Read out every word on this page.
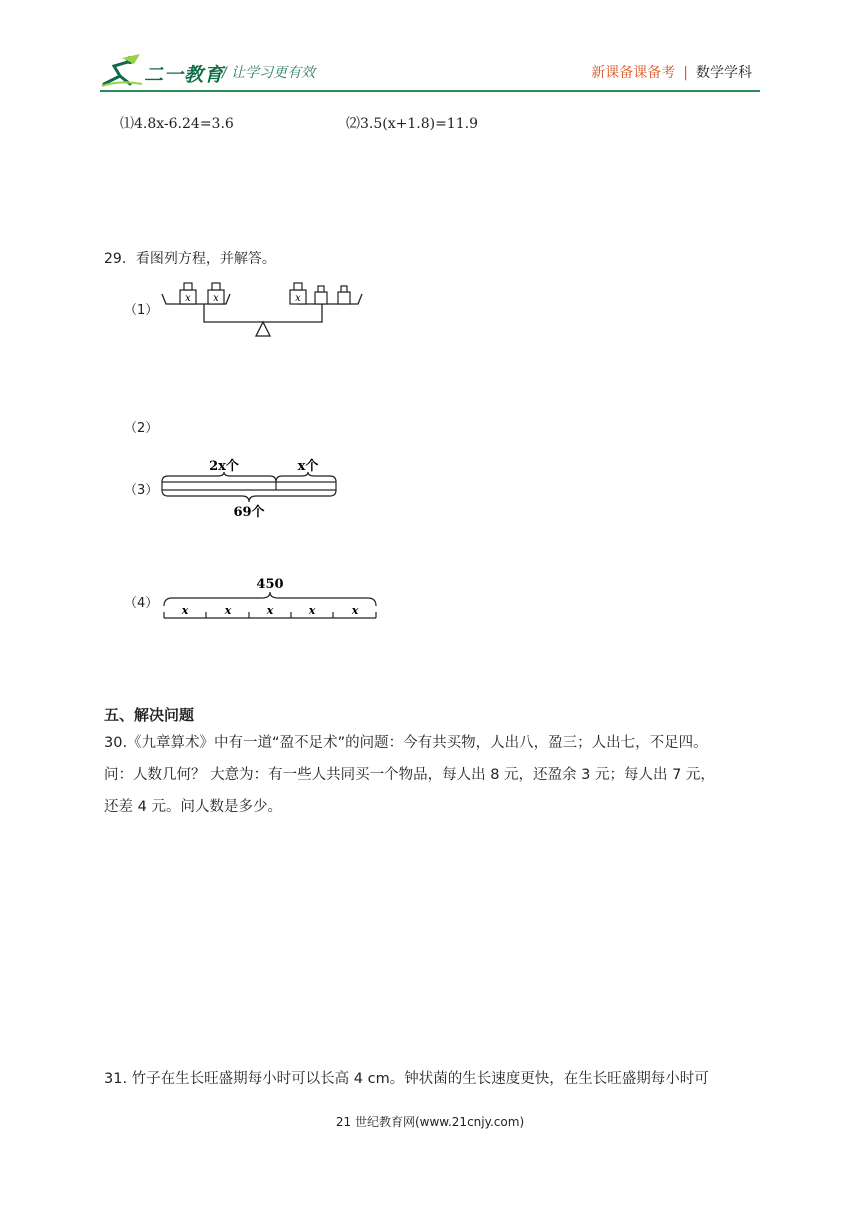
二一教育
/ 让学习更有效	新课备课备考 | 数学学科
⑴4.8x-6.24=3.6	⑵3.5(x+1.8)=11.9
29．看图列方程，并解答。
（1）
x x	x
（2）
（3）
2x个	x个
69个
（4）
450
x	x	x	x	x
五、解决问题
30.《九章算术》中有一道“盈不足术”的问题：今有共买物，人出八，盈三；人出七，不足四。
问：人数几何？ 大意为：有一些人共同买一个物品，每人出 8 元，还盈余 3 元；每人出 7 元，
还差 4 元。问人数是多少。
31. 竹子在生长旺盛期每小时可以长高 4 cm。钟状菌的生长速度更快，在生长旺盛期每小时可
21 世纪教育网(www.21cnjy.com)
